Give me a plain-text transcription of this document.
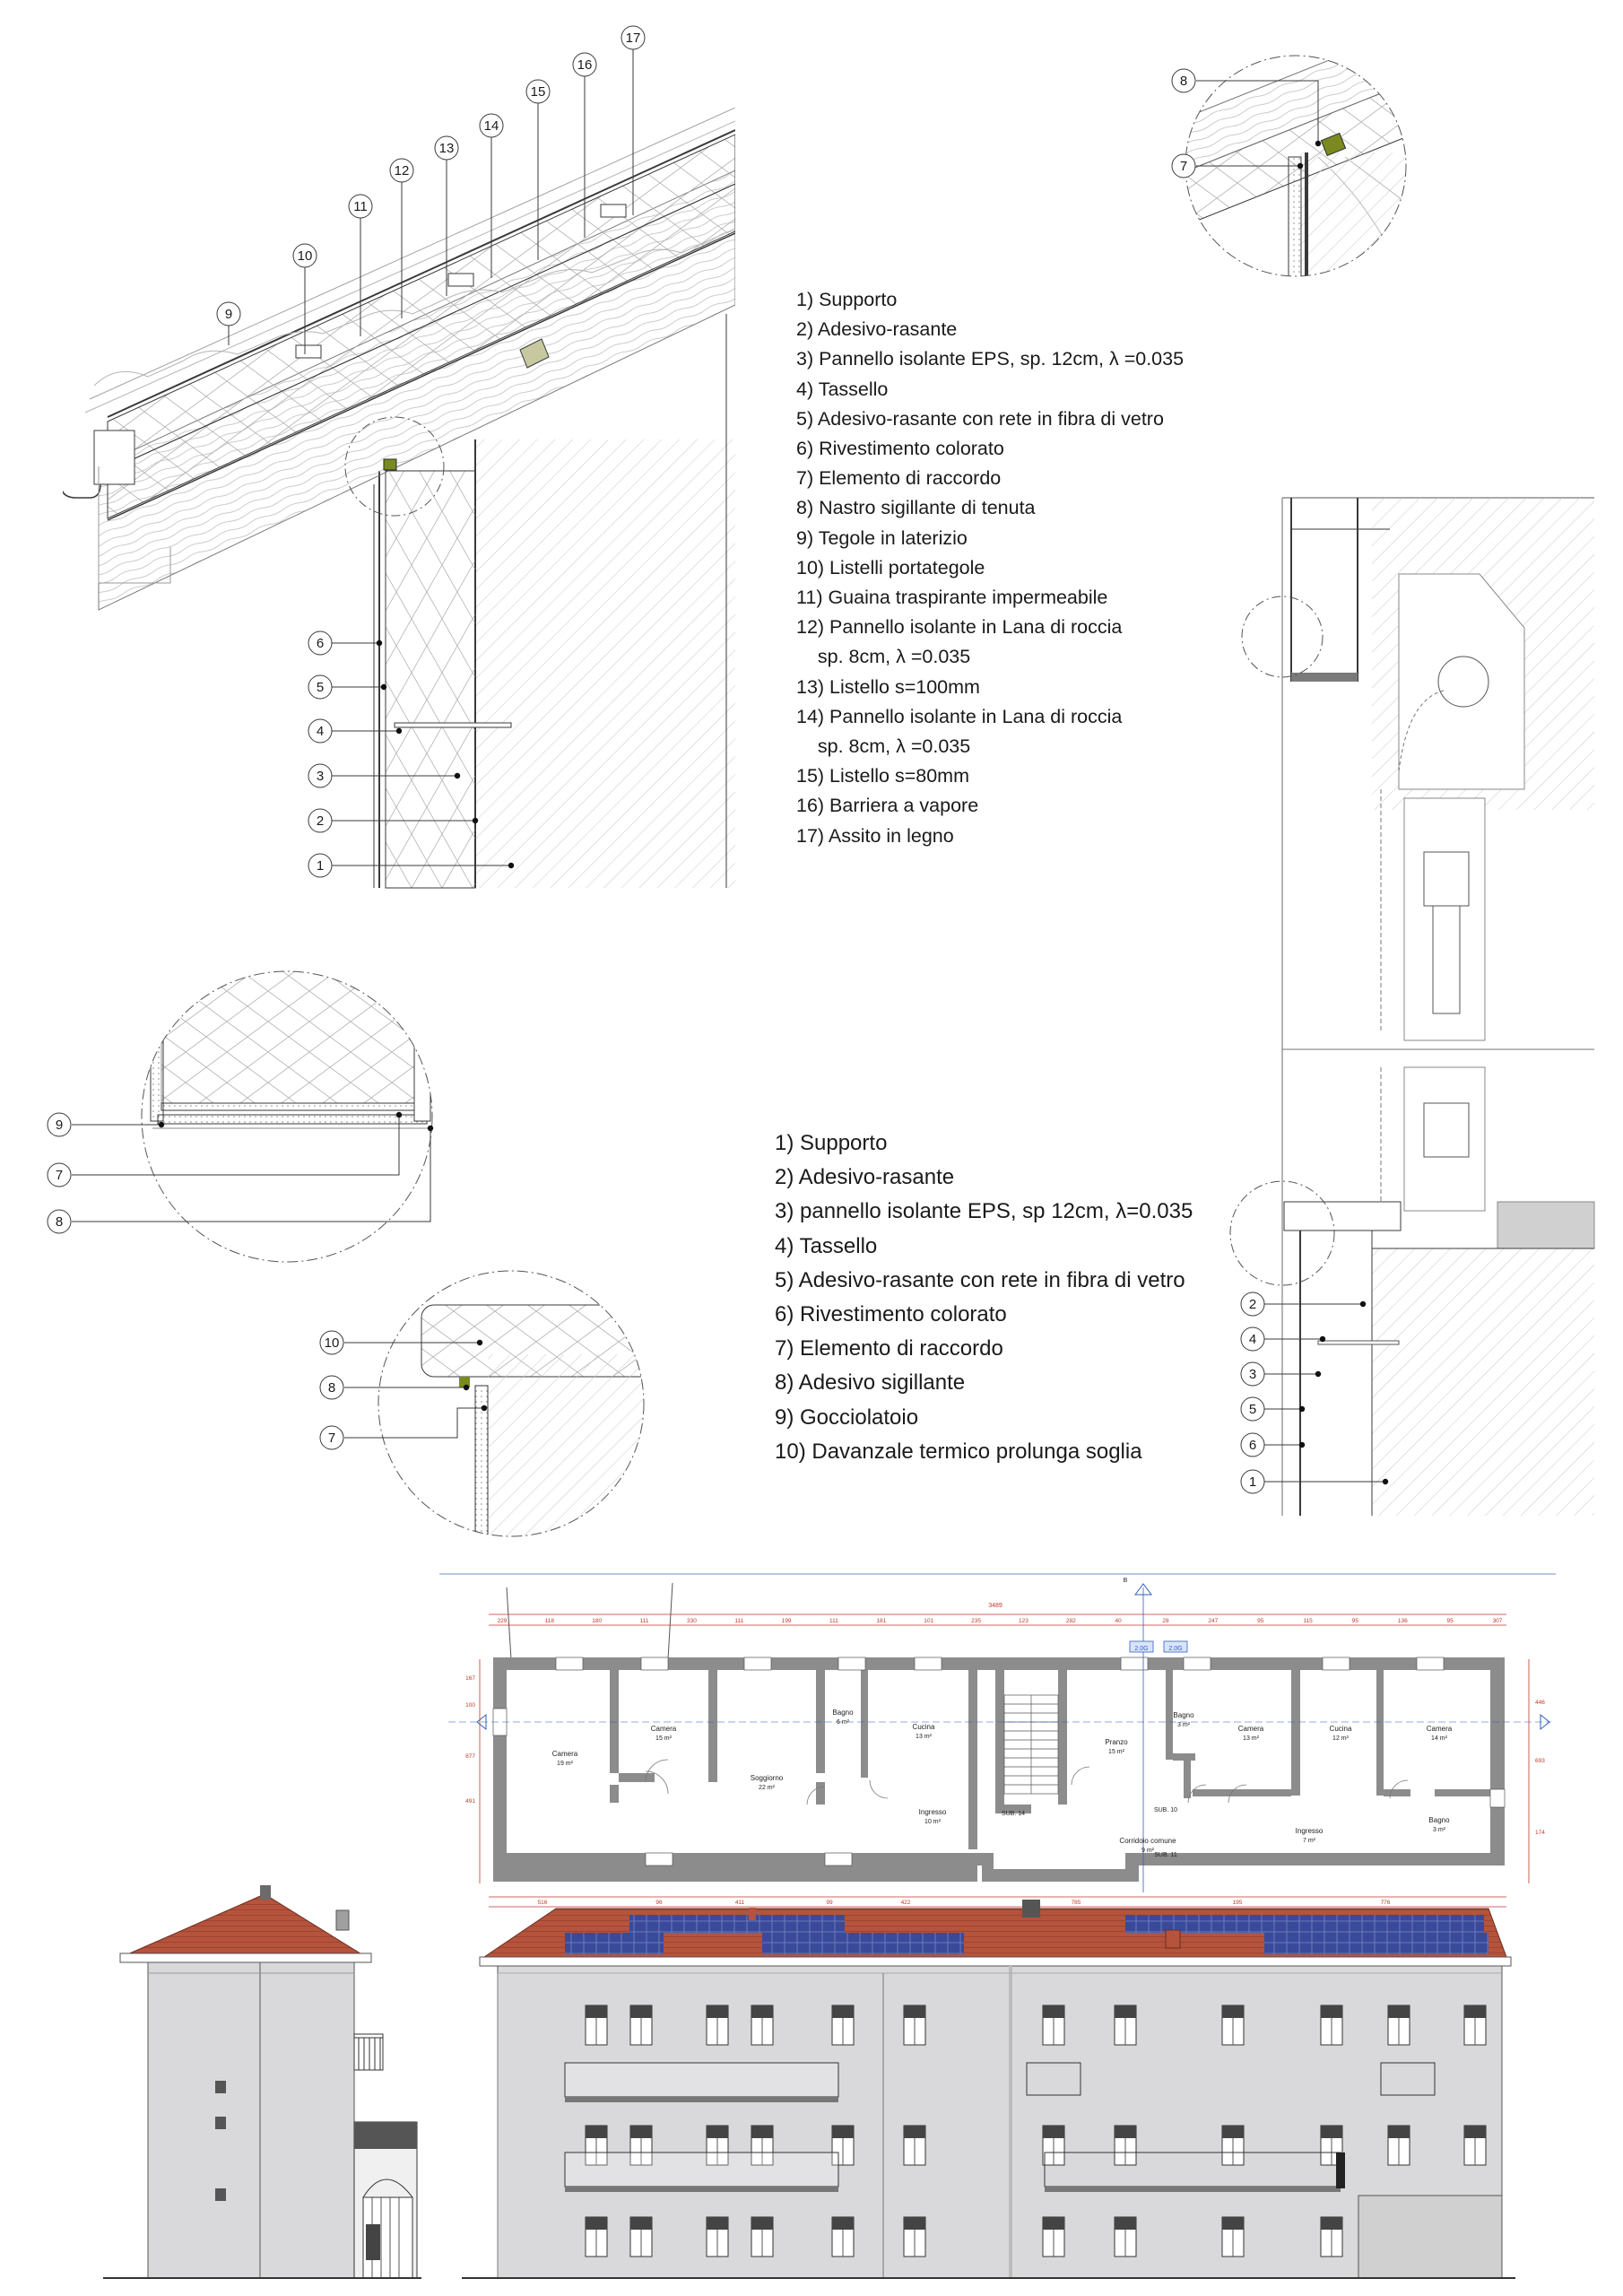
9
10
11
12
13
14
15
16
17
6
5
4
3
2
1
8
7
2
4
3
5
6
1
9
7
8
10
8
7
Camera
19 m²
Camera
15 m²
Soggiorno
22 m²
Bagno
6 m²
Cucina
13 m²
Ingresso
10 m²
Pranzo
15 m²
Bagno
3 m²	Camera
13 m²
Cucina
12 m²
Camera
14 m²
Corridoio comune
9 m²
Ingresso
7 m²
Bagno
3 m²
SUB. 14
SUB. 10
SUB. 11
3489
B
2.0G	2.0G
229	118	180	111	330	111	199	111	181	101	235	123	282	40	28	247	95	115	95	136	95	307
516	96	411	99	422	785	195	776
167
100
877
491
446
693
174
1) Supporto
2) Adesivo-rasante
3) Pannello isolante EPS, sp. 12cm, λ =0.035
4) Tassello
5) Adesivo-rasante con rete in fibra di vetro
6) Rivestimento colorato
7) Elemento di raccordo
8) Nastro sigillante di tenuta
9) Tegole in laterizio
10) Listelli portategole
11) Guaina traspirante impermeabile
12) Pannello isolante in Lana di roccia
sp. 8cm, λ =0.035
13) Listello s=100mm
14) Pannello isolante in Lana di roccia
sp. 8cm, λ =0.035
15) Listello s=80mm
16) Barriera a vapore
17) Assito in legno
1) Supporto
2) Adesivo-rasante
3) pannello isolante EPS, sp 12cm, λ=0.035
4) Tassello
5) Adesivo-rasante con rete in fibra di vetro
6) Rivestimento colorato
7) Elemento di raccordo
8) Adesivo sigillante
9) Gocciolatoio
10) Davanzale termico prolunga soglia
